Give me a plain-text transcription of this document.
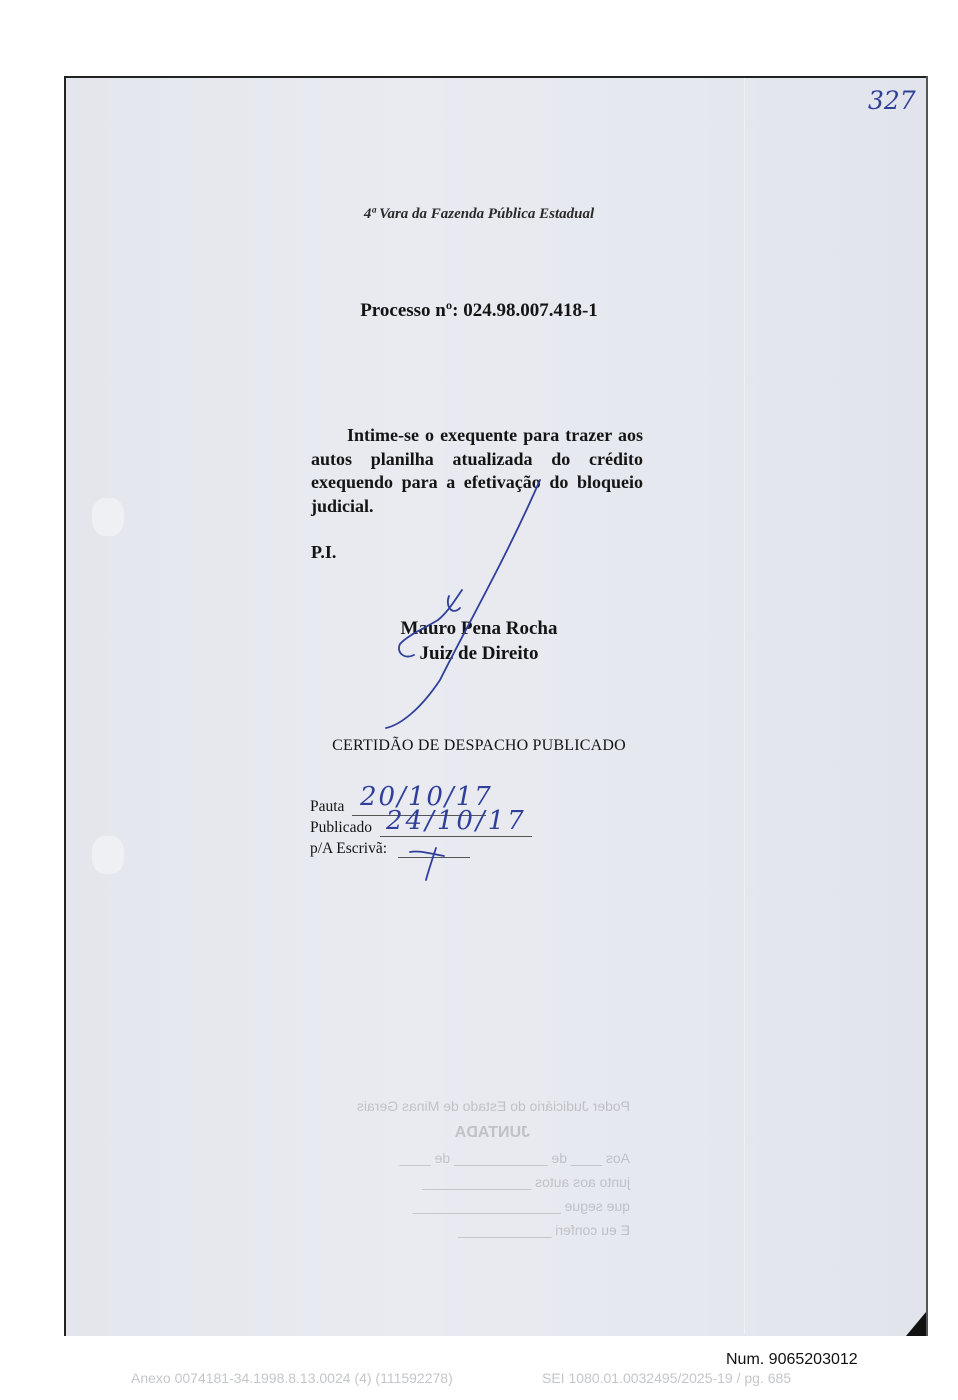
327
4ª Vara da Fazenda Pública Estadual
Processo nº: 024.98.007.418-1
Intime-se o exequente para trazer aos autos planilha atualizada do crédito exequendo para a efetivação do bloqueio judicial.
P.I.
Mauro Pena Rocha
Juiz de Direito
CERTIDÃO DE DESPACHO PUBLICADO
Pauta
Publicado
p/A Escrivã:
20/10/17
24/10/17
Poder Judiciário do Estado de Minas Gerais
JUNTADA
Aos ____ de ____________ de ____
junto aos autos ______________
que segue ___________________
E eu conferi ____________
Num. 9065203012
Anexo 0074181-34.1998.8.13.0024 (4) (111592278)	SEI 1080.01.0032495/2025-19 / pg. 685
